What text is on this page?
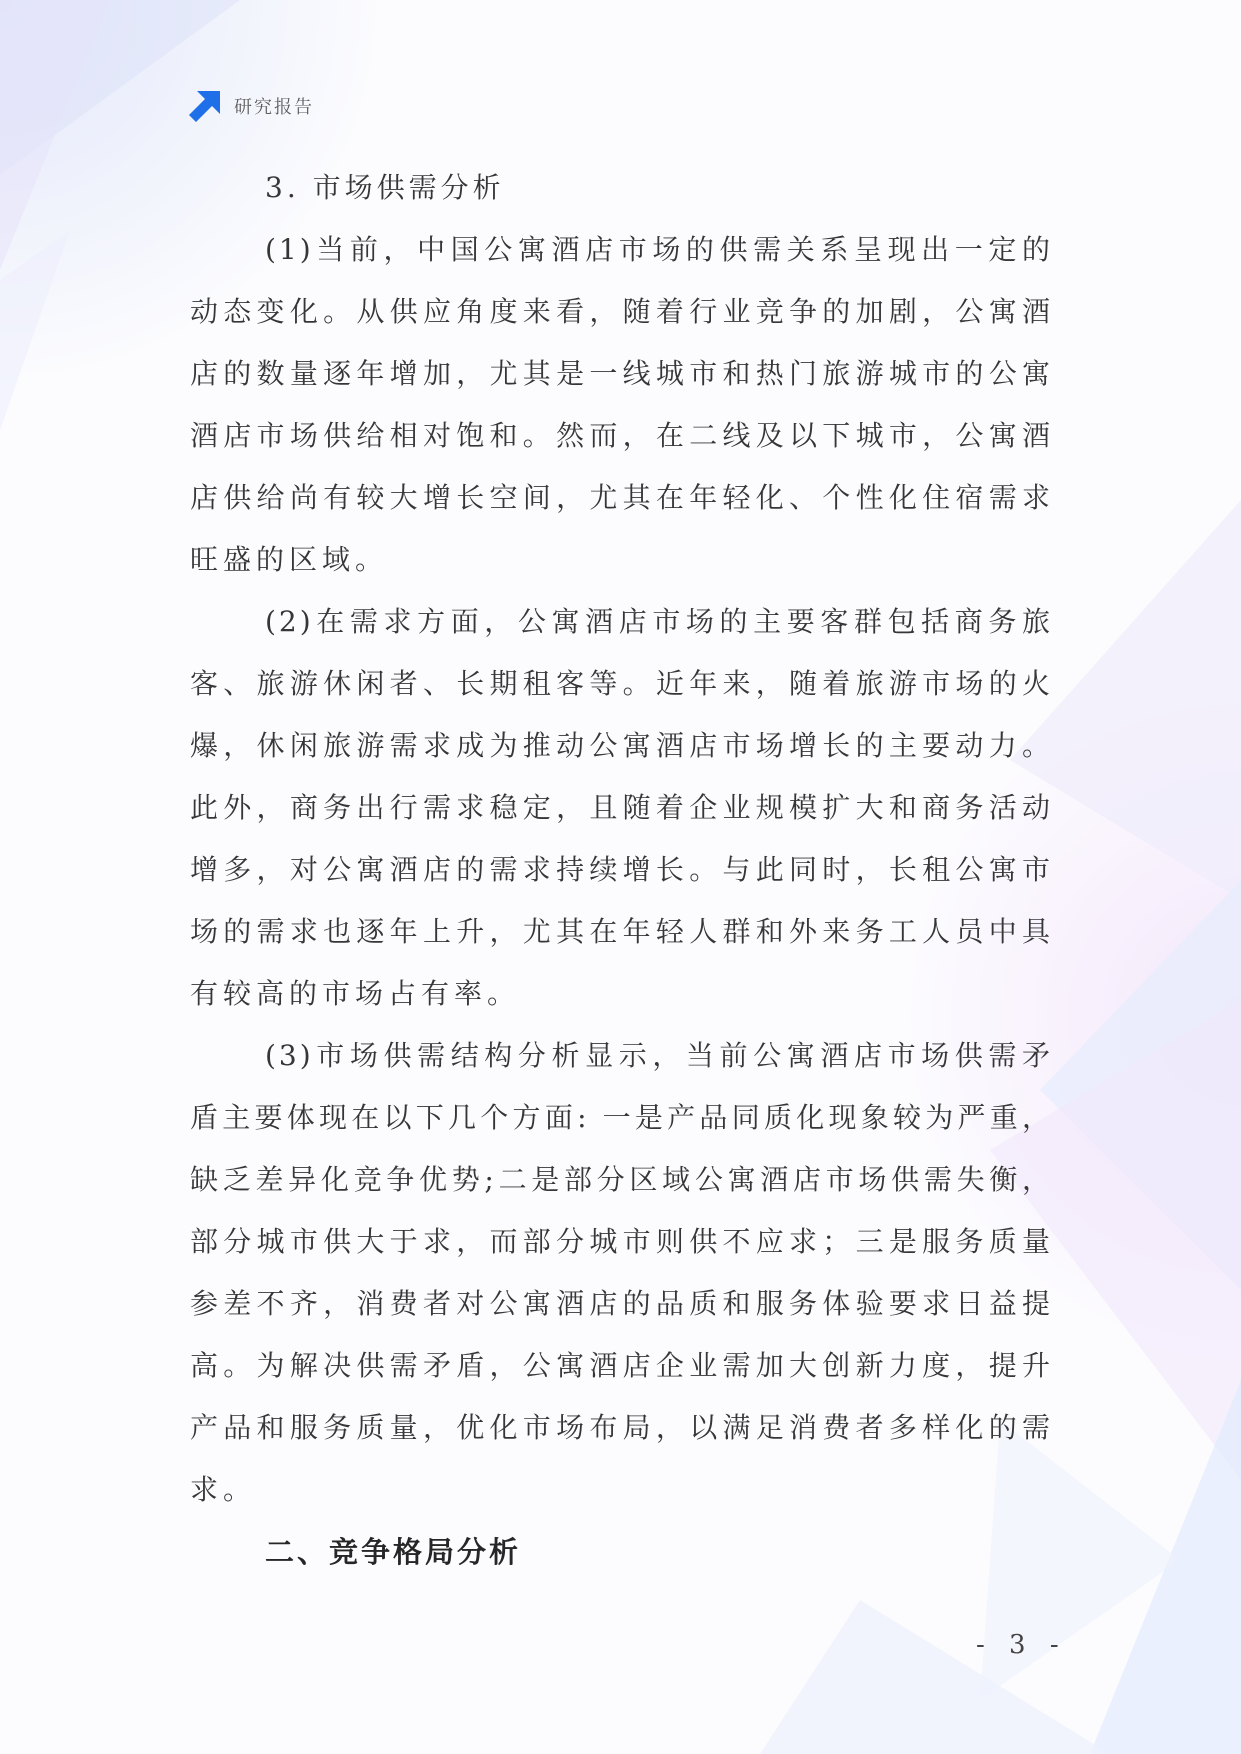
研究报告
3. 市场供需分析
(1)当前，中国公寓酒店市场的供需关系呈现出一定的
动态变化。从供应角度来看，随着行业竞争的加剧，公寓酒
店的数量逐年增加，尤其是一线城市和热门旅游城市的公寓
酒店市场供给相对饱和。然而，在二线及以下城市，公寓酒
店供给尚有较大增长空间，尤其在年轻化、个性化住宿需求
旺盛的区域。
(2)在需求方面，公寓酒店市场的主要客群包括商务旅
客、旅游休闲者、长期租客等。近年来，随着旅游市场的火
爆，休闲旅游需求成为推动公寓酒店市场增长的主要动力。
此外，商务出行需求稳定，且随着企业规模扩大和商务活动
增多，对公寓酒店的需求持续增长。与此同时，长租公寓市
场的需求也逐年上升，尤其在年轻人群和外来务工人员中具
有较高的市场占有率。
(3)市场供需结构分析显示，当前公寓酒店市场供需矛
盾主要体现在以下几个方面: 一是产品同质化现象较为严重，
缺乏差异化竞争优势;二是部分区域公寓酒店市场供需失衡，
部分城市供大于求，而部分城市则供不应求；三是服务质量
参差不齐，消费者对公寓酒店的品质和服务体验要求日益提
高。为解决供需矛盾，公寓酒店企业需加大创新力度，提升
产品和服务质量，优化市场布局，以满足消费者多样化的需
求。
二、竞争格局分析
- 3 -
